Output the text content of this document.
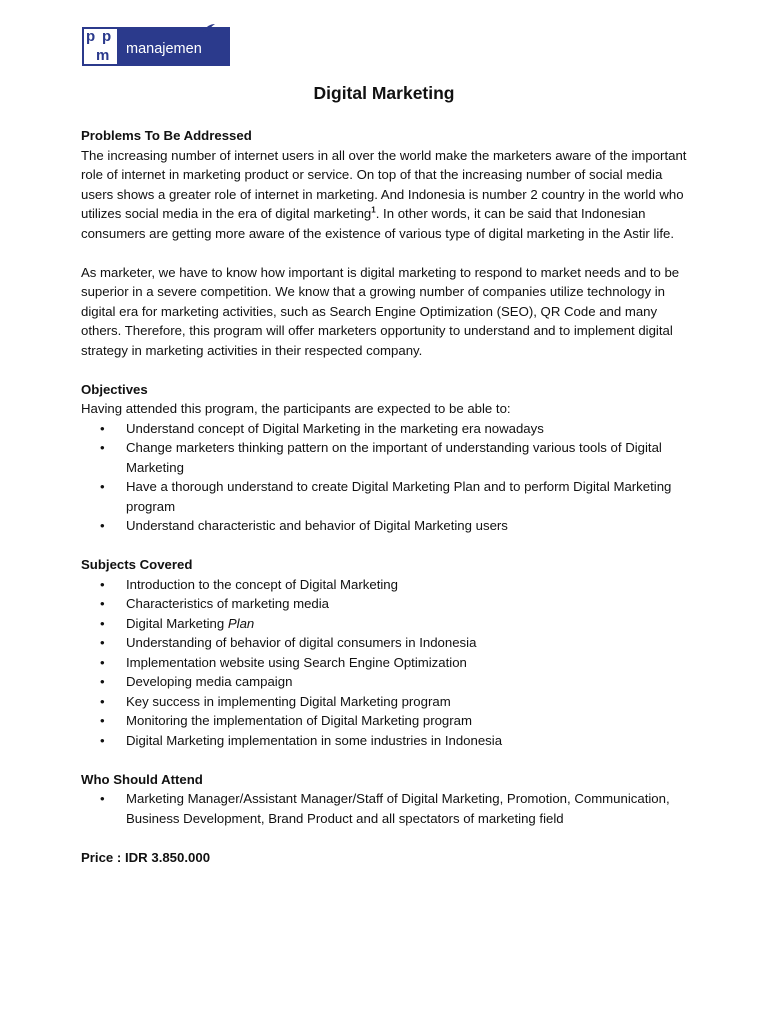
p p
m	manajemen
Digital Marketing

Problems To Be Addressed

The increasing number of internet users in all over the world make the marketers aware of the important role of internet in marketing product or service. On top of that the increasing number of social media users shows a greater role of internet in marketing. And Indonesia is number 2 country in the world who utilizes social media in the era of digital marketing$^1$. In other words, it can be said that Indonesian consumers are getting more aware of the existence of various type of digital marketing in the Astir life.

As marketer, we have to know how important is digital marketing to respond to market needs and to be superior in a severe competition. We know that a growing number of companies utilize technology in digital era for marketing activities, such as Search Engine Optimization (SEO), QR Code and many others. Therefore, this program will offer marketers opportunity to understand and to implement digital strategy in marketing activities in their respected company.

Objectives

Having attended this program, the participants are expected to be able to:

• Understand concept of Digital Marketing in the marketing era nowadays
• Change marketers thinking pattern on the important of understanding various tools of Digital Marketing
• Have a thorough understand to create Digital Marketing Plan and to perform Digital Marketing program
• Understand characteristic and behavior of Digital Marketing users

Subjects Covered

• Introduction to the concept of Digital Marketing
• Characteristics of marketing media
• Digital Marketing Plan
• Understanding of behavior of digital consumers in Indonesia
• Implementation website using Search Engine Optimization
• Developing media campaign
• Key success in implementing Digital Marketing program
• Monitoring the implementation of Digital Marketing program
• Digital Marketing implementation in some industries in Indonesia

Who Should Attend

• Marketing Manager/Assistant Manager/Staff of Digital Marketing, Promotion, Communication, Business Development, Brand Product and all spectators of marketing field

Price : IDR 3.850.000
